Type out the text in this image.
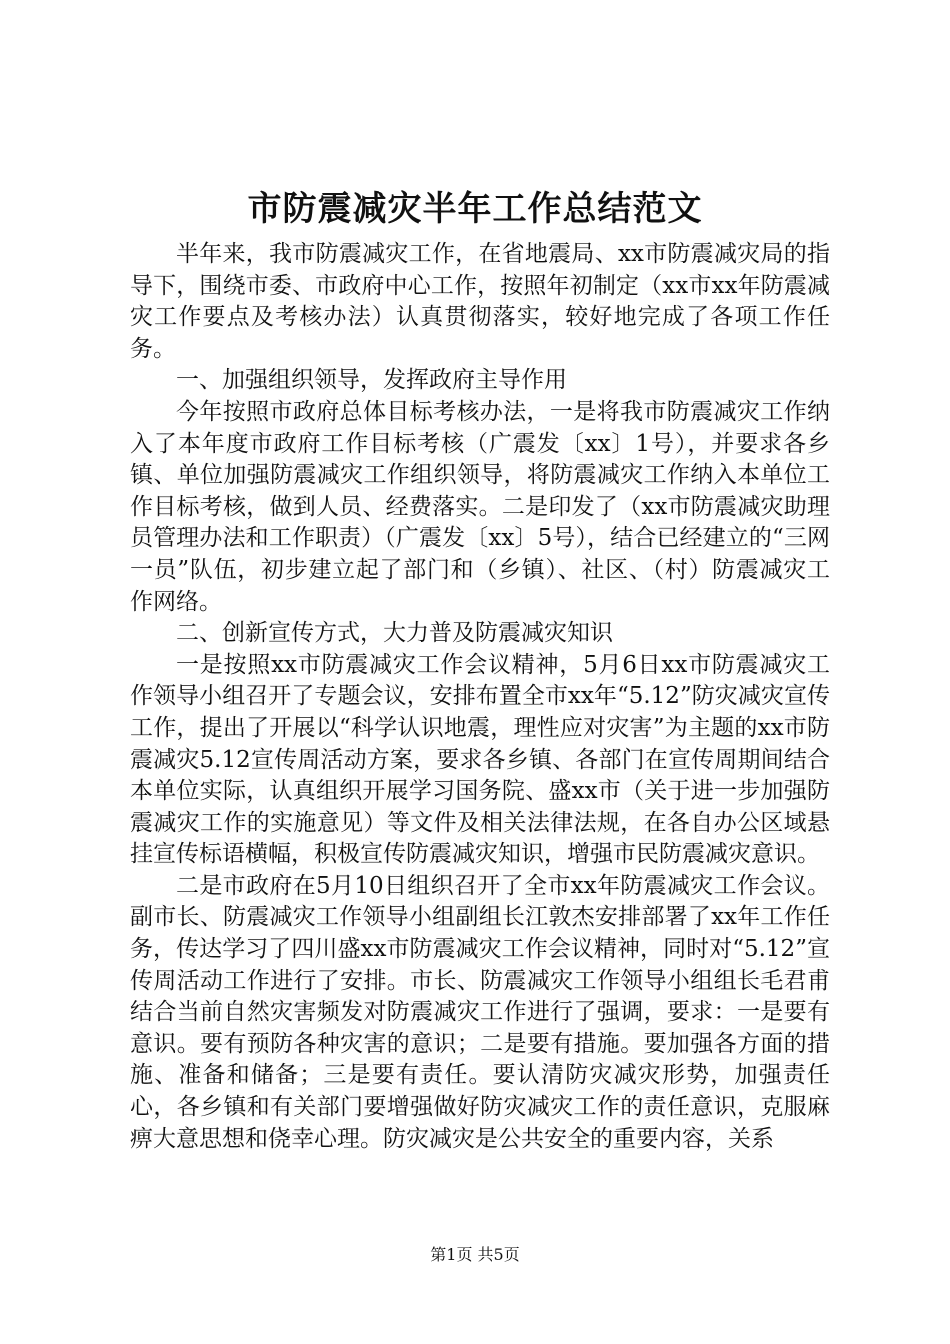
市防震减灾半年工作总结范文

半年来，我市防震减灾工作，在省地震局、xx市防震减灾局的指导下，围绕市委、市政府中心工作，按照年初制定（xx市xx年防震减灾工作要点及考核办法）认真贯彻落实，较好地完成了各项工作任务。

一、加强组织领导，发挥政府主导作用

今年按照市政府总体目标考核办法，一是将我市防震减灾工作纳入了本年度市政府工作目标考核（广震发〔xx〕1号），并要求各乡镇、单位加强防震减灾工作组织领导，将防震减灾工作纳入本单位工作目标考核，做到人员、经费落实。二是印发了（xx市防震减灾助理员管理办法和工作职责）（广震发〔xx〕5号），结合已经建立的“三网一员”队伍，初步建立起了部门和（乡镇）、社区、（村）防震减灾工作网络。

二、创新宣传方式，大力普及防震减灾知识

一是按照xx市防震减灾工作会议精神，5月6日xx市防震减灾工作领导小组召开了专题会议，安排布置全市xx年“5.12”防灾减灾宣传工作，提出了开展以“科学认识地震，理性应对灾害”为主题的xx市防震减灾5.12宣传周活动方案，要求各乡镇、各部门在宣传周期间结合本单位实际，认真组织开展学习国务院、盛xx市（关于进一步加强防震减灾工作的实施意见）等文件及相关法律法规，在各自办公区域悬挂宣传标语横幅，积极宣传防震减灾知识，增强市民防震减灾意识。

二是市政府在5月10日组织召开了全市xx年防震减灾工作会议。副市长、防震减灾工作领导小组副组长江敦杰安排部署了xx年工作任务，传达学习了四川盛xx市防震减灾工作会议精神，同时对“5.12”宣传周活动工作进行了安排。市长、防震减灾工作领导小组组长毛君甫结合当前自然灾害频发对防震减灾工作进行了强调，要求：一是要有意识。要有预防各种灾害的意识；二是要有措施。要加强各方面的措施、准备和储备；三是要有责任。要认清防灾减灾形势，加强责任心，各乡镇和有关部门要增强做好防灾减灾工作的责任意识，克服麻痹大意思想和侥幸心理。防灾减灾是公共安全的重要内容，关系

第1页 共5页
